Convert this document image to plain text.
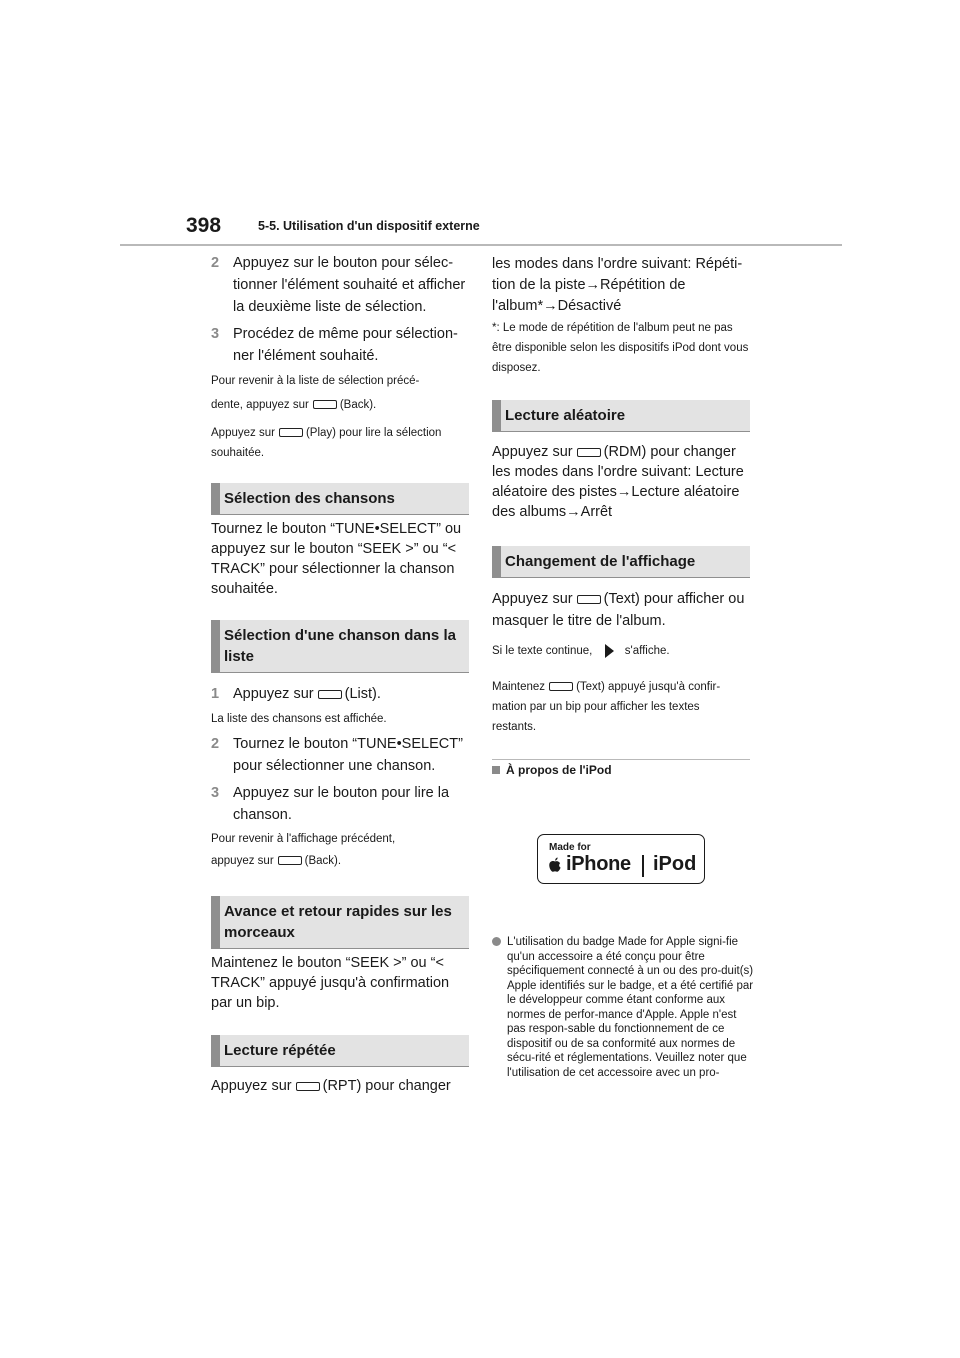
398	5-5. Utilisation d'un dispositif externe
2 Appuyez sur le bouton pour sélec-tionner l'élément souhaité et afficher la deuxième liste de sélection.
3 Procédez de même pour sélection-ner l'élément souhaité.
Pour revenir à la liste de sélection précé-
dente, appuyez sur	(Back).
Appuyez sur	(Play) pour lire la sélection
souhaitée.
Sélection des chansons
Tournez le bouton “TUNE•SELECT” ou appuyez sur le bouton “SEEK >” ou “< TRACK” pour sélectionner la chanson souhaitée.
Sélection d'une chanson dans la liste
1 Appuyez sur (List).
La liste des chansons est affichée.
2 Tournez le bouton “TUNE•SELECT” pour sélectionner une chanson.
3 Appuyez sur le bouton pour lire la chanson.
Pour revenir à l'affichage précédent,
appuyez sur	(Back).
Avance et retour rapides sur les morceaux
Maintenez le bouton “SEEK >” ou “< TRACK” appuyé jusqu'à confirmation par un bip.
Lecture répétée
Appuyez sur (RPT) pour changer
les modes dans l'ordre suivant: Répéti-tion de la piste→Répétition de l'album*→Désactivé
*: Le mode de répétition de l'album peut ne pas être disponible selon les dispositifs iPod dont vous disposez.
Lecture aléatoire
Appuyez sur (RDM) pour changer
les modes dans l'ordre suivant: Lecture aléatoire des pistes→Lecture aléatoire des albums→Arrêt
Changement de l'affichage
Appuyez sur (Text) pour afficher ou
masquer le titre de l'album.
Si le texte continue,	s'affiche.
Maintenez	(Text) appuyé jusqu'à confir-
mation par un bip pour afficher les textes
restants.
À propos de l'iPod
Made for
iPhone iPod
L'utilisation du badge Made for Apple signi-fie qu'un accessoire a été conçu pour être spécifiquement connecté à un ou des pro-duit(s) Apple identifiés sur le badge, et a été certifié par le développeur comme étant conforme aux normes de perfor-mance d'Apple. Apple n'est pas respon-sable du fonctionnement de ce dispositif ou de sa conformité aux normes de sécu-rité et réglementations. Veuillez noter que l'utilisation de cet accessoire avec un pro-
